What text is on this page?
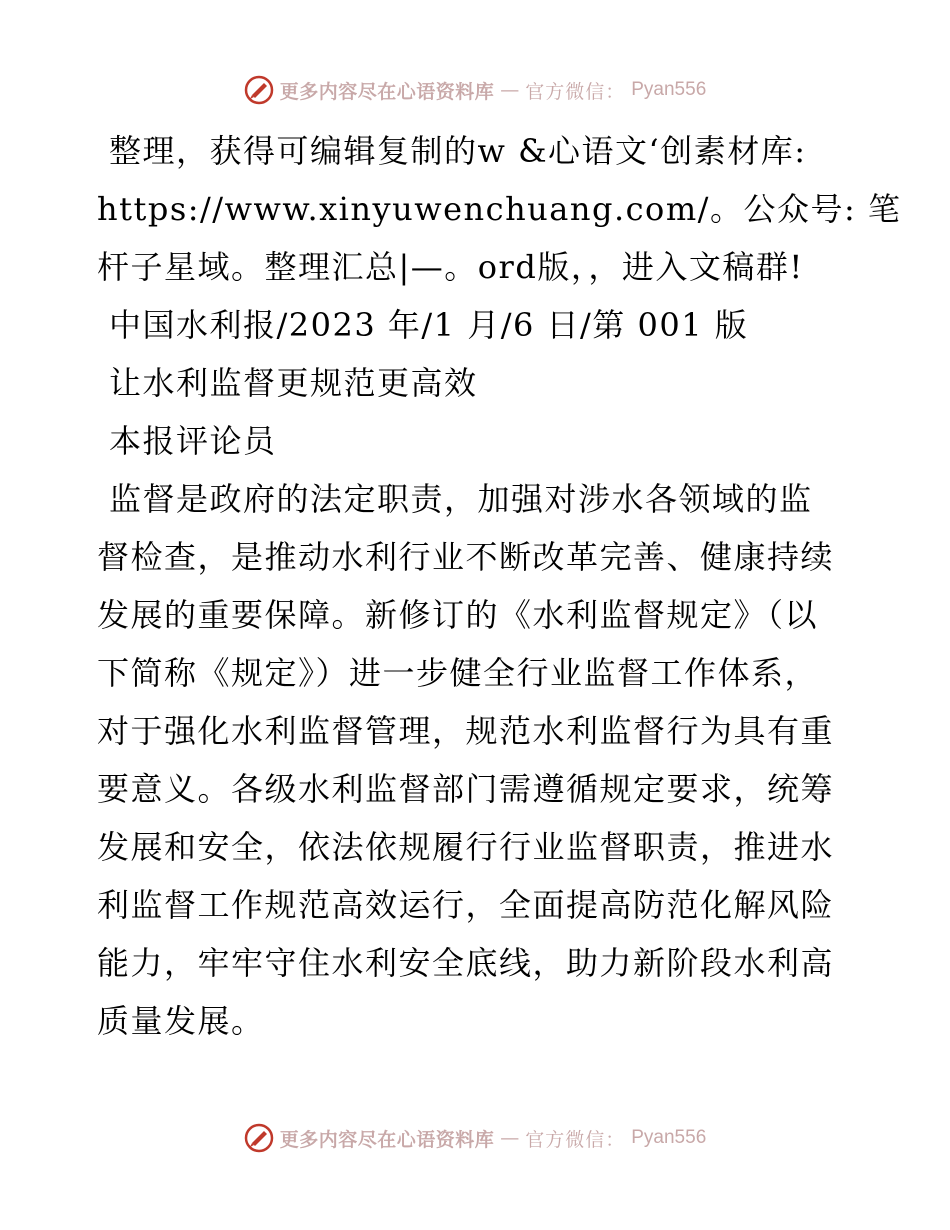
更多内容尽在心语资料库 — 官方微信： Pyan556
整理，获得可编辑复制的w &心语文‘创素材库:
https://www.xinyuwenchuang.com/。公众号: 笔
杆子星域。整理汇总|—。ord版，，进入文稿群!
中国水利报/2023 年/1 月/6 日/第 001 版
让水利监督更规范更高效
本报评论员
监督是政府的法定职责，加强对涉水各领域的监
督检查，是推动水利行业不断改革完善、健康持续
发展的重要保障。新修订的《水利监督规定》（以
下简称《规定》）进一步健全行业监督工作体系，
对于强化水利监督管理，规范水利监督行为具有重
要意义。各级水利监督部门需遵循规定要求，统筹
发展和安全，依法依规履行行业监督职责，推进水
利监督工作规范高效运行，全面提高防范化解风险
能力，牢牢守住水利安全底线，助力新阶段水利高
质量发展。
更多内容尽在心语资料库 — 官方微信： Pyan556
